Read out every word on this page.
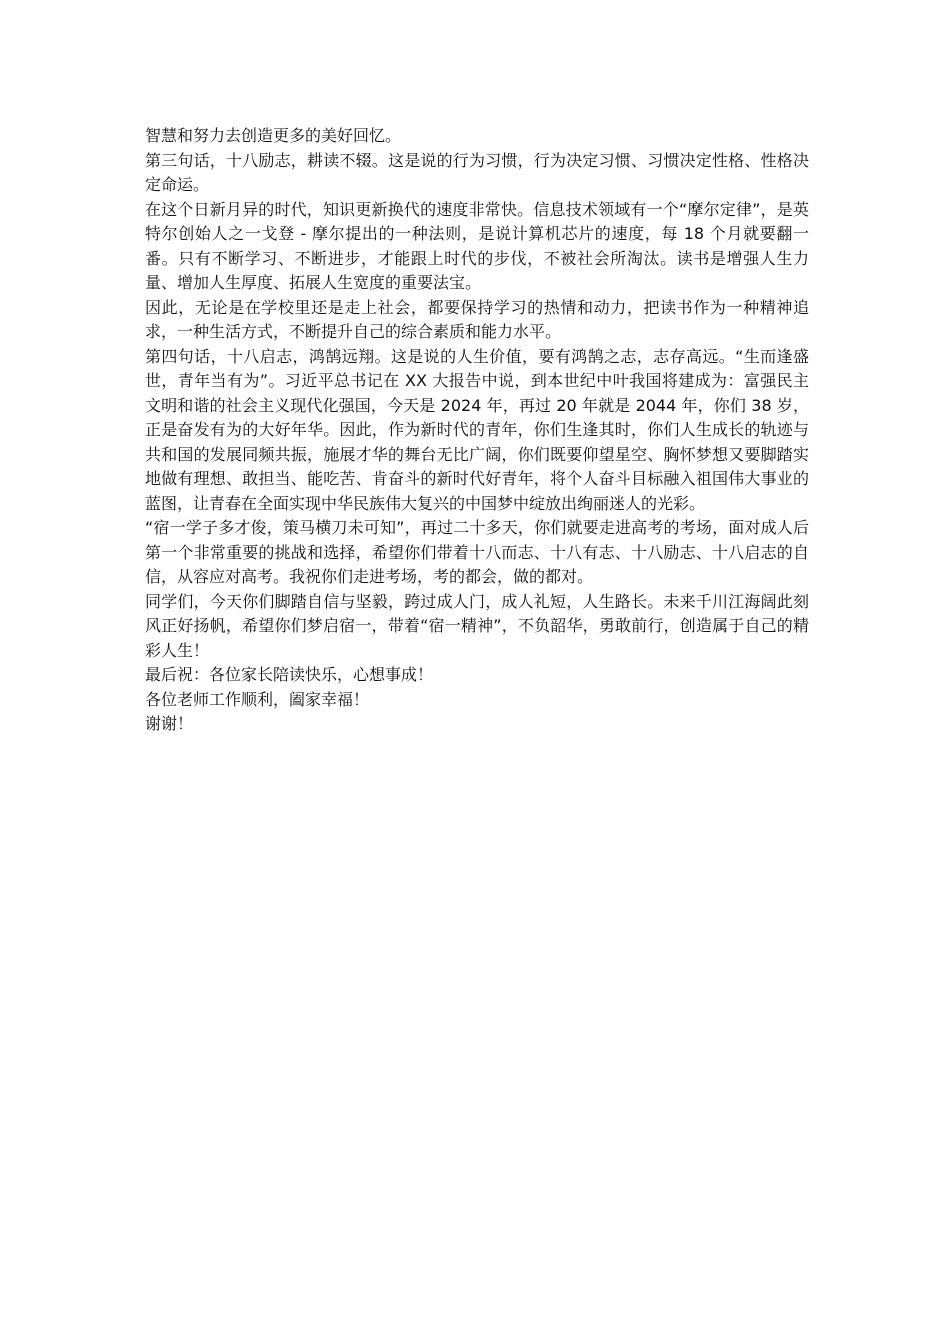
智慧和努力去创造更多的美好回忆。

第三句话，十八励志，耕读不辍。这是说的行为习惯，行为决定习惯、习惯决定性格、性格决定命运。

在这个日新月异的时代，知识更新换代的速度非常快。信息技术领域有一个“摩尔定律”，是英特尔创始人之一戈登 - 摩尔提出的一种法则，是说计算机芯片的速度，每 18 个月就要翻一番。只有不断学习、不断进步，才能跟上时代的步伐，不被社会所淘汰。读书是增强人生力量、增加人生厚度、拓展人生宽度的重要法宝。

因此，无论是在学校里还是走上社会，都要保持学习的热情和动力，把读书作为一种精神追求，一种生活方式，不断提升自己的综合素质和能力水平。

第四句话，十八启志，鸿鹄远翔。这是说的人生价值，要有鸿鹄之志，志存高远。“生而逢盛世，青年当有为”。习近平总书记在 XX 大报告中说，到本世纪中叶我国将建成为：富强民主文明和谐的社会主义现代化强国，今天是 2024 年，再过 20 年就是 2044 年，你们 38 岁，正是奋发有为的大好年华。因此，作为新时代的青年，你们生逢其时，你们人生成长的轨迹与共和国的发展同频共振，施展才华的舞台无比广阔，你们既要仰望星空、胸怀梦想又要脚踏实地做有理想、敢担当、能吃苦、肯奋斗的新时代好青年，将个人奋斗目标融入祖国伟大事业的蓝图，让青春在全面实现中华民族伟大复兴的中国梦中绽放出绚丽迷人的光彩。

“宿一学子多才俊，策马横刀未可知”，再过二十多天，你们就要走进高考的考场，面对成人后第一个非常重要的挑战和选择，希望你们带着十八而志、十八有志、十八励志、十八启志的自信，从容应对高考。我祝你们走进考场，考的都会，做的都对。

同学们，今天你们脚踏自信与坚毅，跨过成人门，成人礼短，人生路长。未来千川江海阔此刻风正好扬帆，希望你们梦启宿一，带着“宿一精神”，不负韶华，勇敢前行，创造属于自己的精彩人生！

最后祝：各位家长陪读快乐，心想事成！

各位老师工作顺利，阖家幸福！

谢谢！
